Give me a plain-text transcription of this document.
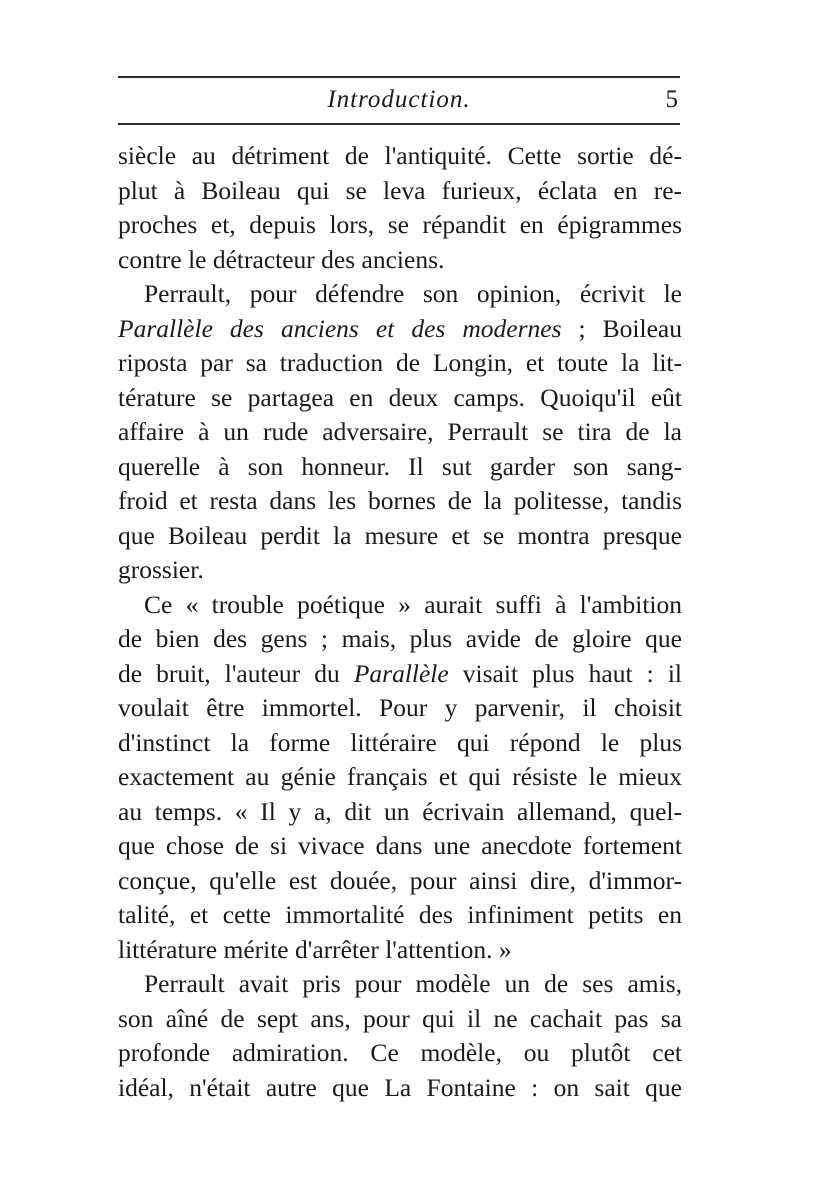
Introduction.	5
siècle au détriment de l'antiquité. Cette sortie dé-
plut à Boileau qui se leva furieux, éclata en re-
proches et, depuis lors, se répandit en épigrammes
contre le détracteur des anciens.
Perrault, pour défendre son opinion, écrivit le
Parallèle des anciens et des modernes ; Boileau
riposta par sa traduction de Longin, et toute la lit-
térature se partagea en deux camps. Quoiqu'il eût
affaire à un rude adversaire, Perrault se tira de la
querelle à son honneur. Il sut garder son sang-
froid et resta dans les bornes de la politesse, tandis
que Boileau perdit la mesure et se montra presque
grossier.
Ce « trouble poétique » aurait suffi à l'ambition
de bien des gens ; mais, plus avide de gloire que
de bruit, l'auteur du Parallèle visait plus haut : il
voulait être immortel. Pour y parvenir, il choisit
d'instinct la forme littéraire qui répond le plus
exactement au génie français et qui résiste le mieux
au temps. « Il y a, dit un écrivain allemand, quel-
que chose de si vivace dans une anecdote fortement
conçue, qu'elle est douée, pour ainsi dire, d'immor-
talité, et cette immortalité des infiniment petits en
littérature mérite d'arrêter l'attention. »
Perrault avait pris pour modèle un de ses amis,
son aîné de sept ans, pour qui il ne cachait pas sa
profonde admiration. Ce modèle, ou plutôt cet
idéal, n'était autre que La Fontaine : on sait que
